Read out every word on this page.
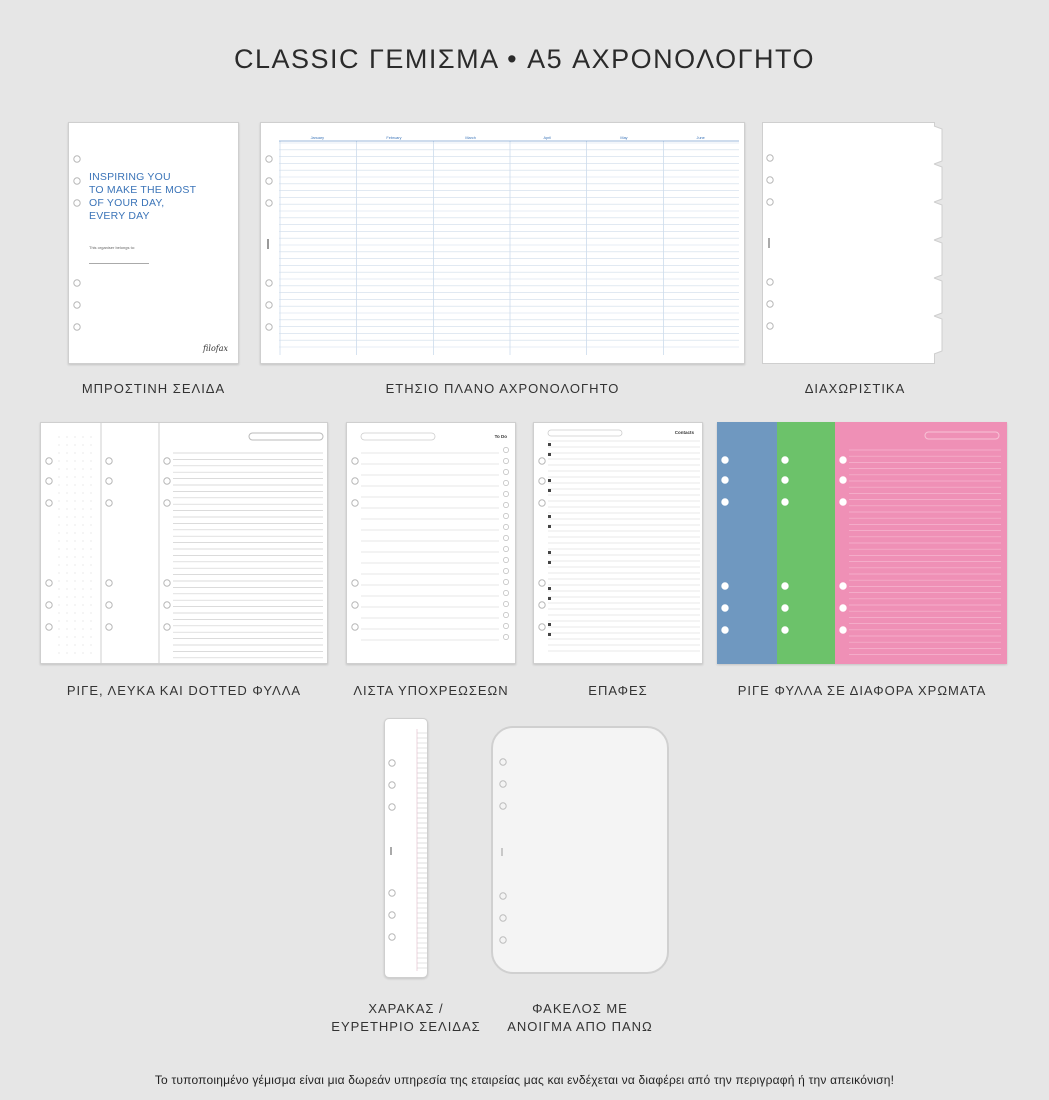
CLASSIC ΓΕΜΙΣΜΑ • A5 ΑΧΡΟΝΟΛΟΓΗΤΟ
INSPIRING YOU
TO MAKE THE MOST
OF YOUR DAY,
EVERY DAY
This organiser belongs to:
filofax
ΜΠΡΟΣΤΙΝΗ ΣΕΛΙΔΑ
January	February	March	April	May	June
ΕΤΗΣΙΟ ΠΛΑΝΟ ΑΧΡΟΝΟΛΟΓΗΤΟ	ΔΙΑΧΩΡΙΣΤΙΚΑ
ΡΙΓΕ, ΛΕΥΚΑ ΚΑΙ DOTTED ΦΥΛΛΑ
To Do
ΛΙΣΤΑ ΥΠΟΧΡΕΩΣΕΩΝ
Contacts
ΕΠΑΦΕΣ	ΡΙΓΕ ΦΥΛΛΑ ΣΕ ΔΙΑΦΟΡΑ ΧΡΩΜΑΤΑ
ΧΑΡΑΚΑΣ /
ΕΥΡΕΤΗΡΙΟ ΣΕΛΙΔΑΣ
ΦΑΚΕΛΟΣ ΜΕ
ΑΝΟΙΓΜΑ ΑΠΟ ΠΑΝΩ
Το τυποποιημένο γέμισμα είναι μια δωρεάν υπηρεσία της εταιρείας μας και ενδέχεται να διαφέρει από την περιγραφή ή την απεικόνιση!
